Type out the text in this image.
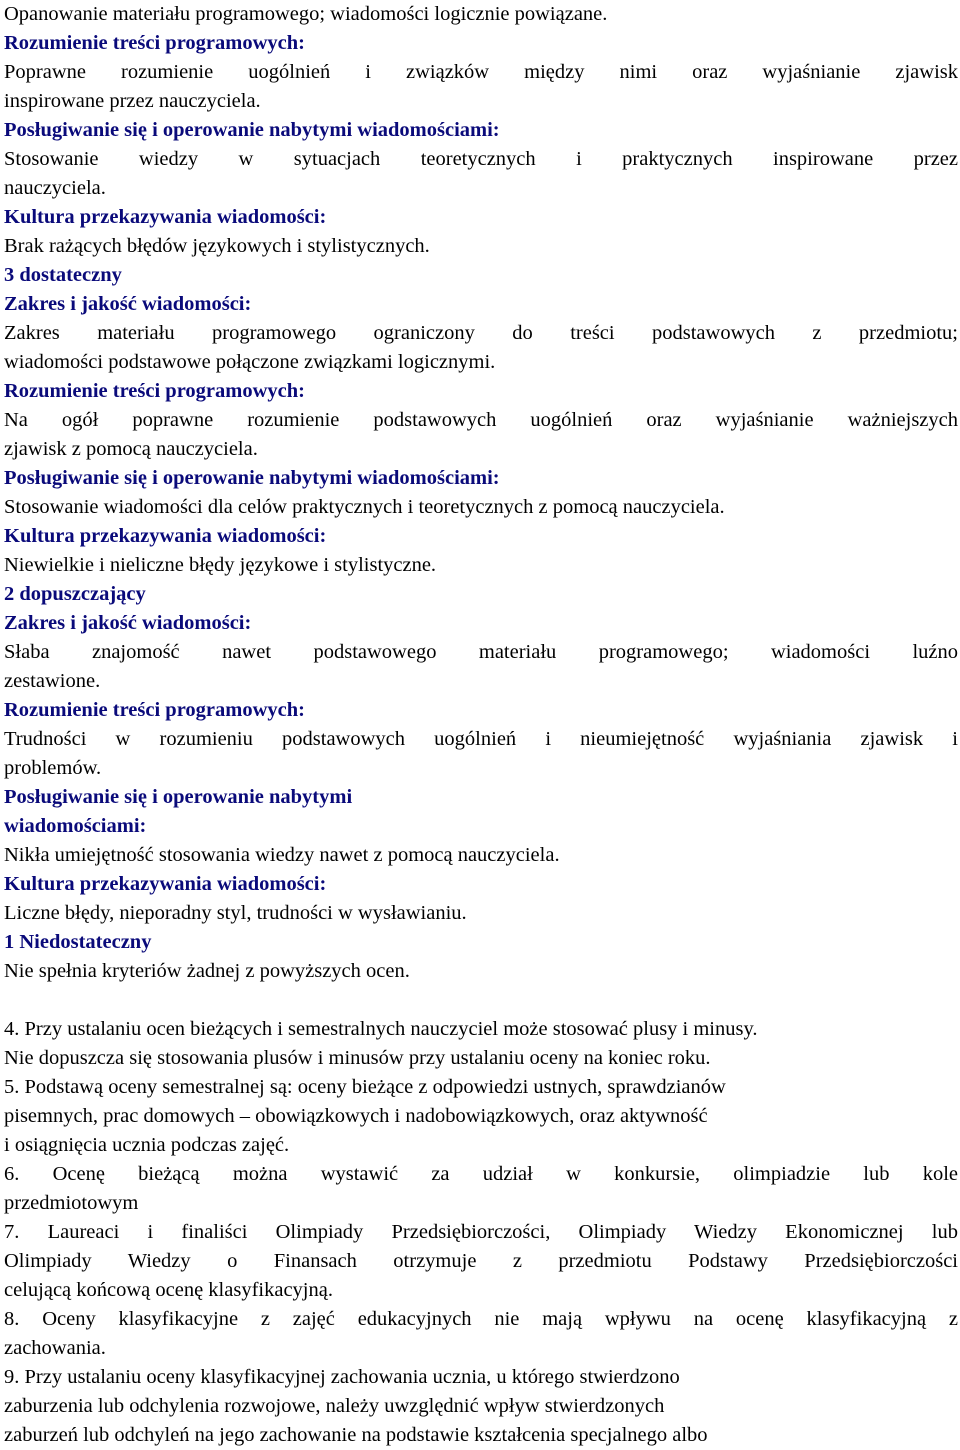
Opanowanie materiału programowego; wiadomości logicznie powiązane.
Rozumienie treści programowych:
Poprawne rozumienie uogólnień i związków między nimi oraz wyjaśnianie zjawisk
inspirowane przez nauczyciela.
Posługiwanie się i operowanie nabytymi wiadomościami:
Stosowanie wiedzy w sytuacjach teoretycznych i praktycznych inspirowane przez
nauczyciela.
Kultura przekazywania wiadomości:
Brak rażących błędów językowych i stylistycznych.
3 dostateczny
Zakres i jakość wiadomości:
Zakres materiału programowego ograniczony do treści podstawowych z przedmiotu;
wiadomości podstawowe połączone związkami logicznymi.
Rozumienie treści programowych:
Na ogół poprawne rozumienie podstawowych uogólnień oraz wyjaśnianie ważniejszych
zjawisk z pomocą nauczyciela.
Posługiwanie się i operowanie nabytymi wiadomościami:
Stosowanie wiadomości dla celów praktycznych i teoretycznych z pomocą nauczyciela.
Kultura przekazywania wiadomości:
Niewielkie i nieliczne błędy językowe i stylistyczne.
2 dopuszczający
Zakres i jakość wiadomości:
Słaba znajomość nawet podstawowego materiału programowego; wiadomości luźno
zestawione.
Rozumienie treści programowych:
Trudności w rozumieniu podstawowych uogólnień i nieumiejętność wyjaśniania zjawisk i
problemów.
Posługiwanie się i operowanie nabytymi
wiadomościami:
Nikła umiejętność stosowania wiedzy nawet z pomocą nauczyciela.
Kultura przekazywania wiadomości:
Liczne błędy, nieporadny styl, trudności w wysławianiu.
1 Niedostateczny
Nie spełnia kryteriów żadnej z powyższych ocen.
4. Przy ustalaniu ocen bieżących i semestralnych nauczyciel może stosować plusy i minusy.
Nie dopuszcza się stosowania plusów i minusów przy ustalaniu oceny na koniec roku.
5. Podstawą oceny semestralnej są: oceny bieżące z odpowiedzi ustnych, sprawdzianów
pisemnych, prac domowych – obowiązkowych i nadobowiązkowych, oraz aktywność
i osiągnięcia ucznia podczas zajęć.
6. Ocenę bieżącą można wystawić za udział w konkursie, olimpiadzie lub kole
przedmiotowym
7. Laureaci i finaliści Olimpiady Przedsiębiorczości, Olimpiady Wiedzy Ekonomicznej lub
Olimpiady Wiedzy o Finansach otrzymuje z przedmiotu Podstawy Przedsiębiorczości
celującą końcową ocenę klasyfikacyjną.
8. Oceny klasyfikacyjne z zajęć edukacyjnych nie mają wpływu na ocenę klasyfikacyjną z
zachowania.
9. Przy ustalaniu oceny klasyfikacyjnej zachowania ucznia, u którego stwierdzono
zaburzenia lub odchylenia rozwojowe, należy uwzględnić wpływ stwierdzonych
zaburzeń lub odchyleń na jego zachowanie na podstawie kształcenia specjalnego albo
